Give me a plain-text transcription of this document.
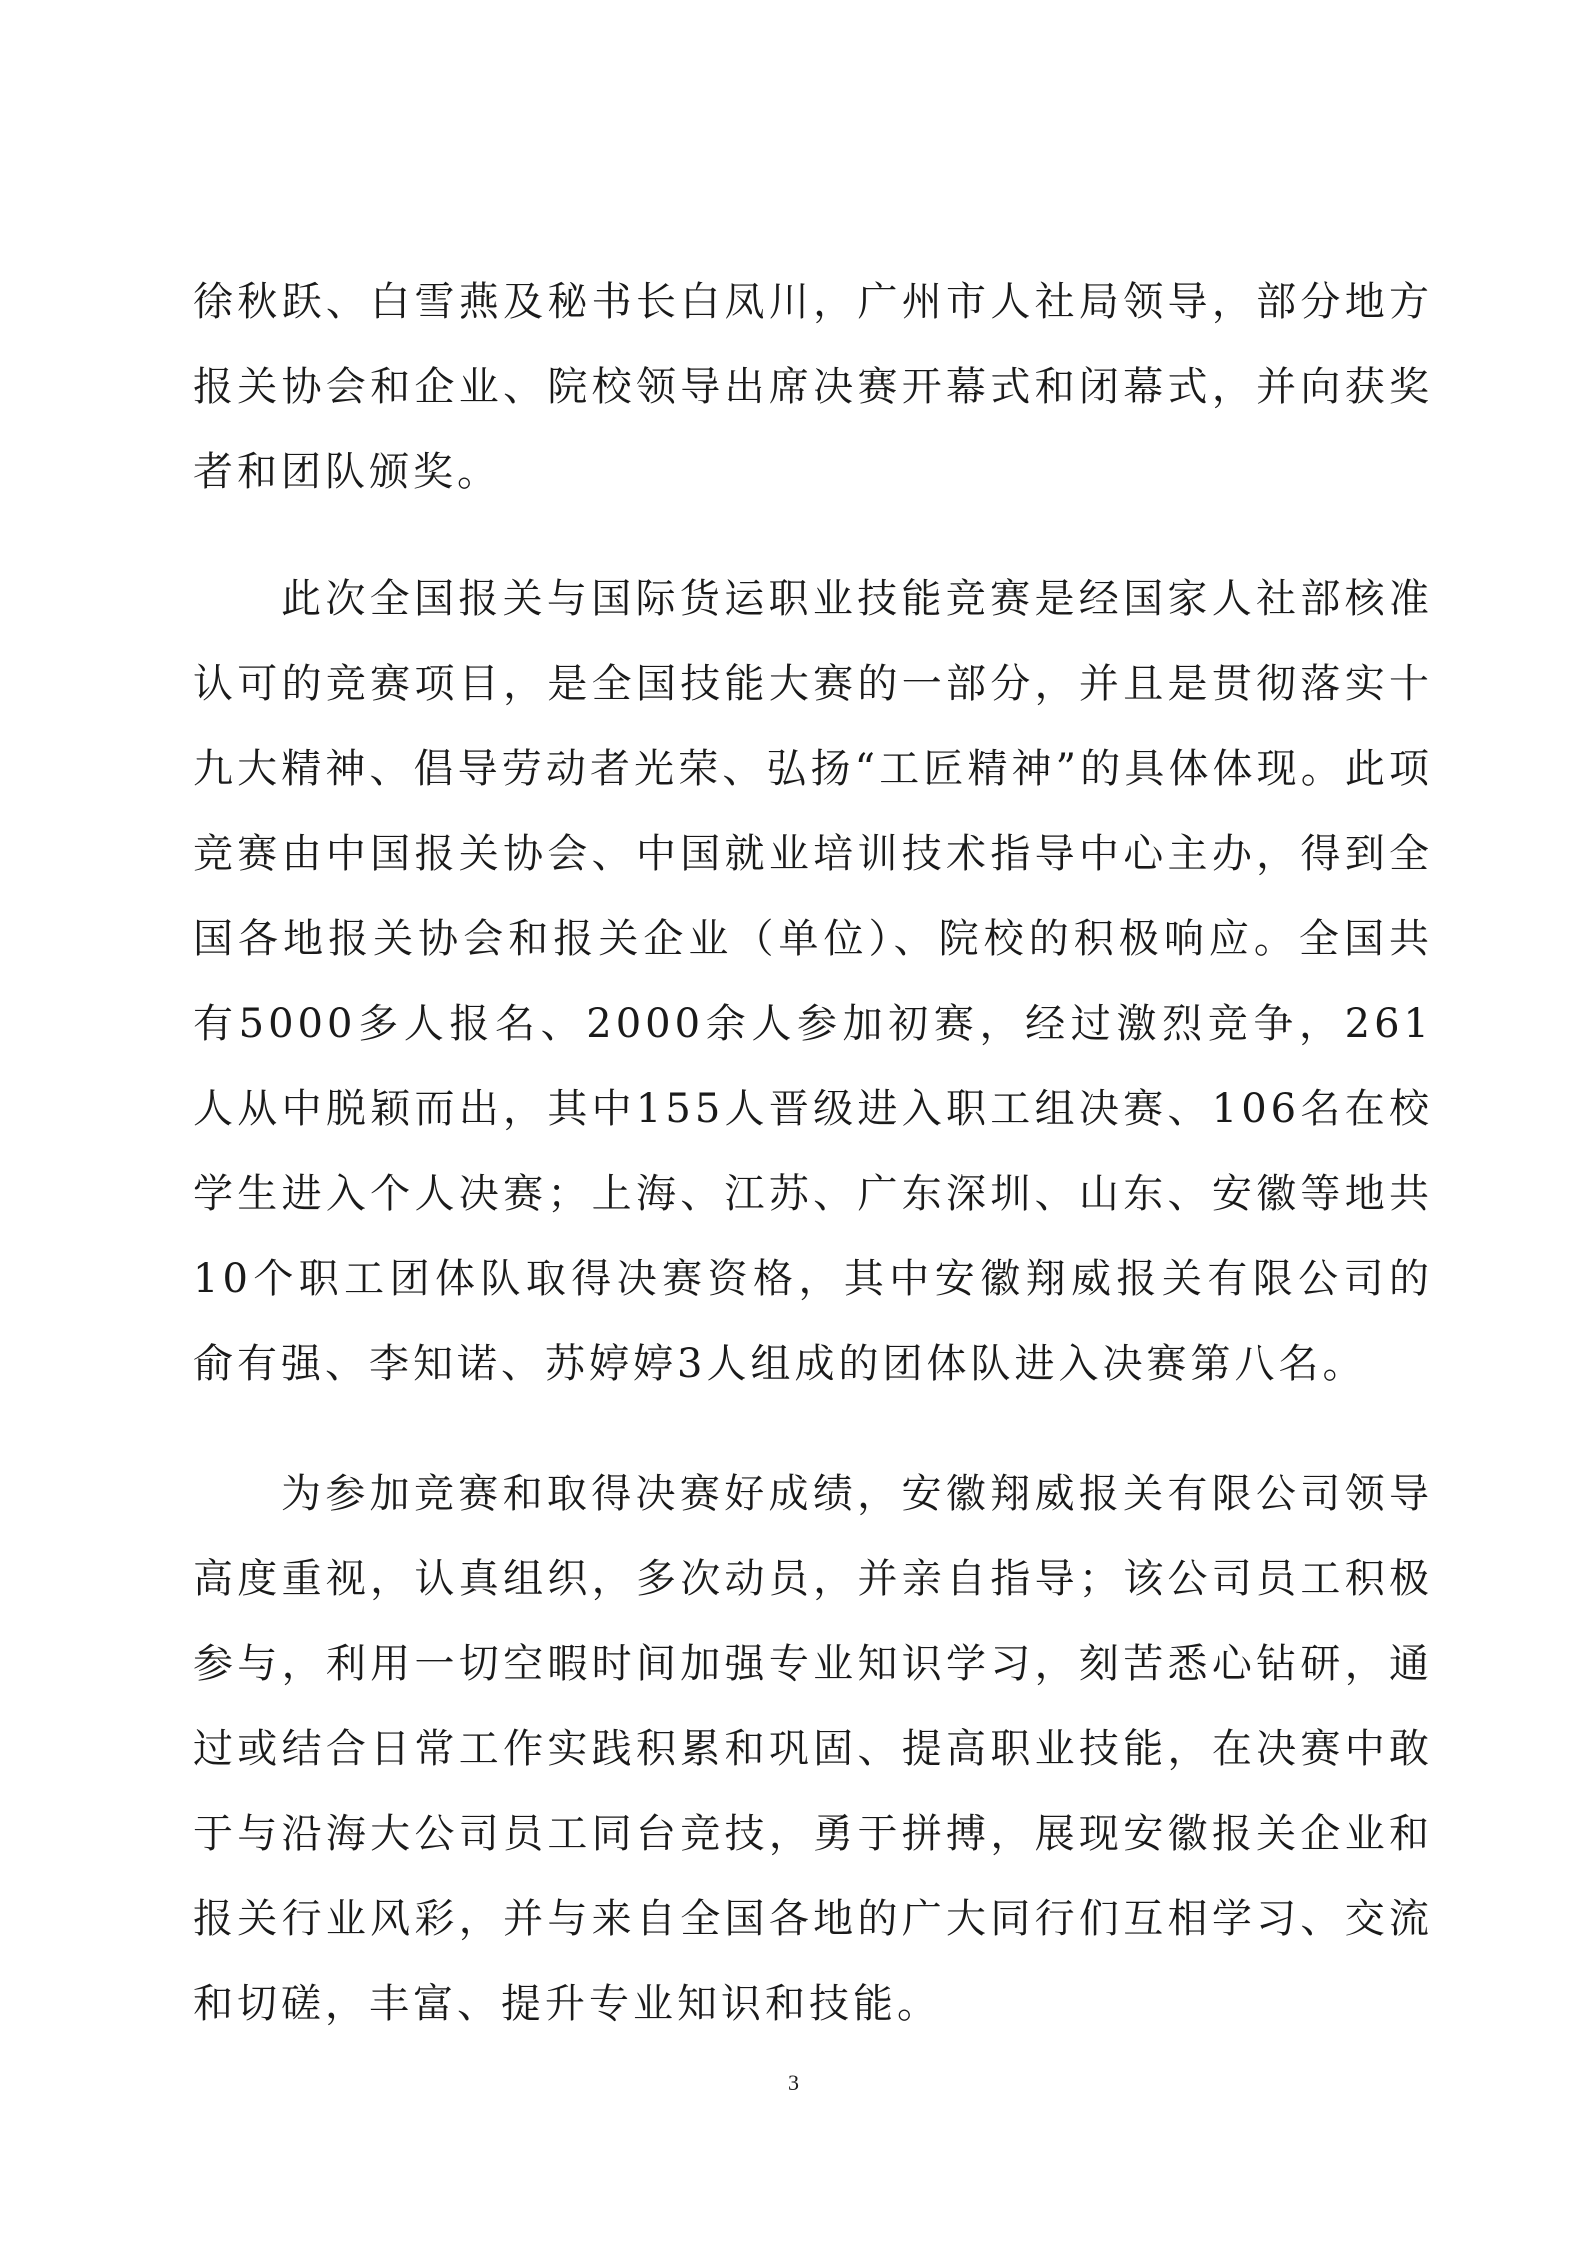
徐秋跃、白雪燕及秘书长白凤川，广州市人社局领导，部分地方报关协会和企业、院校领导出席决赛开幕式和闭幕式，并向获奖者和团队颁奖。

此次全国报关与国际货运职业技能竞赛是经国家人社部核准认可的竞赛项目，是全国技能大赛的一部分，并且是贯彻落实十九大精神、倡导劳动者光荣、弘扬“工匠精神”的具体体现。此项竞赛由中国报关协会、中国就业培训技术指导中心主办，得到全国各地报关协会和报关企业（单位）、院校的积极响应。全国共有5000多人报名、2000余人参加初赛，经过激烈竞争，261人从中脱颖而出，其中155人晋级进入职工组决赛、106名在校学生进入个人决赛；上海、江苏、广东深圳、山东、安徽等地共10个职工团体队取得决赛资格，其中安徽翔威报关有限公司的俞有强、李知诺、苏婷婷3人组成的团体队进入决赛第八名。

为参加竞赛和取得决赛好成绩，安徽翔威报关有限公司领导高度重视，认真组织，多次动员，并亲自指导；该公司员工积极参与，利用一切空暇时间加强专业知识学习，刻苦悉心钻研，通过或结合日常工作实践积累和巩固、提高职业技能，在决赛中敢于与沿海大公司员工同台竞技，勇于拼搏，展现安徽报关企业和报关行业风彩，并与来自全国各地的广大同行们互相学习、交流和切磋，丰富、提升专业知识和技能。

3
